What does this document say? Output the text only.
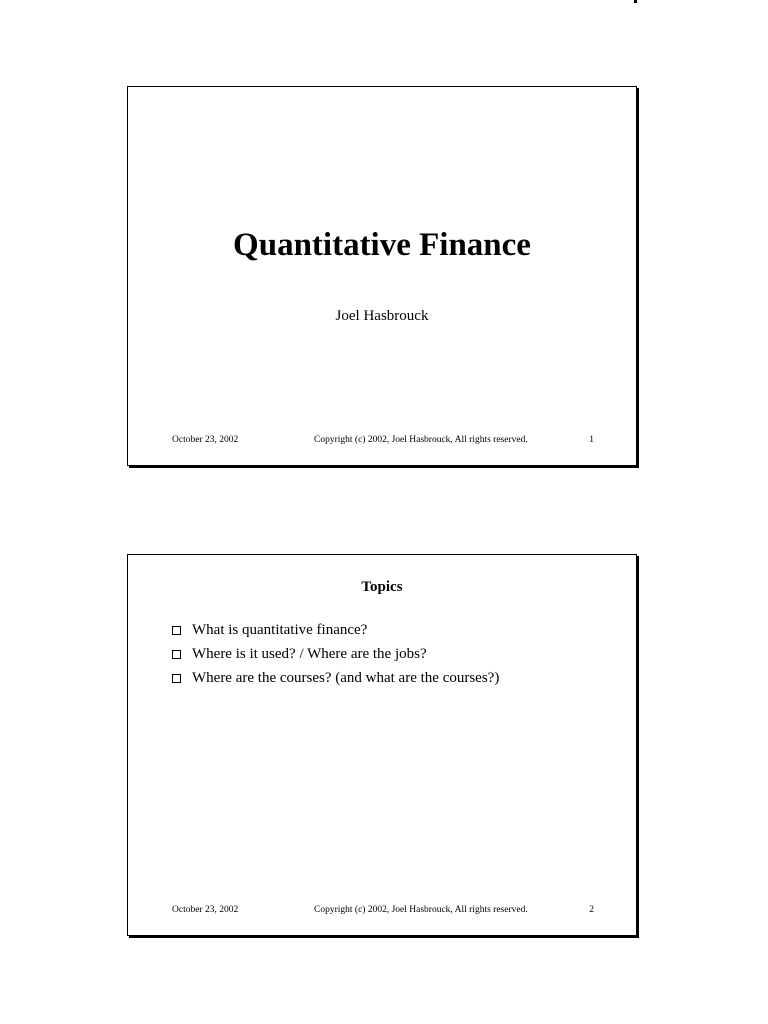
Quantitative Finance
Joel Hasbrouck
October 23, 2002	Copyright (c) 2002, Joel Hasbrouck, All rights reserved.	1
Topics
What is quantitative finance?
Where is it used? / Where are the jobs?
Where are the courses? (and what are the courses?)
October 23, 2002	Copyright (c) 2002, Joel Hasbrouck, All rights reserved.	2
